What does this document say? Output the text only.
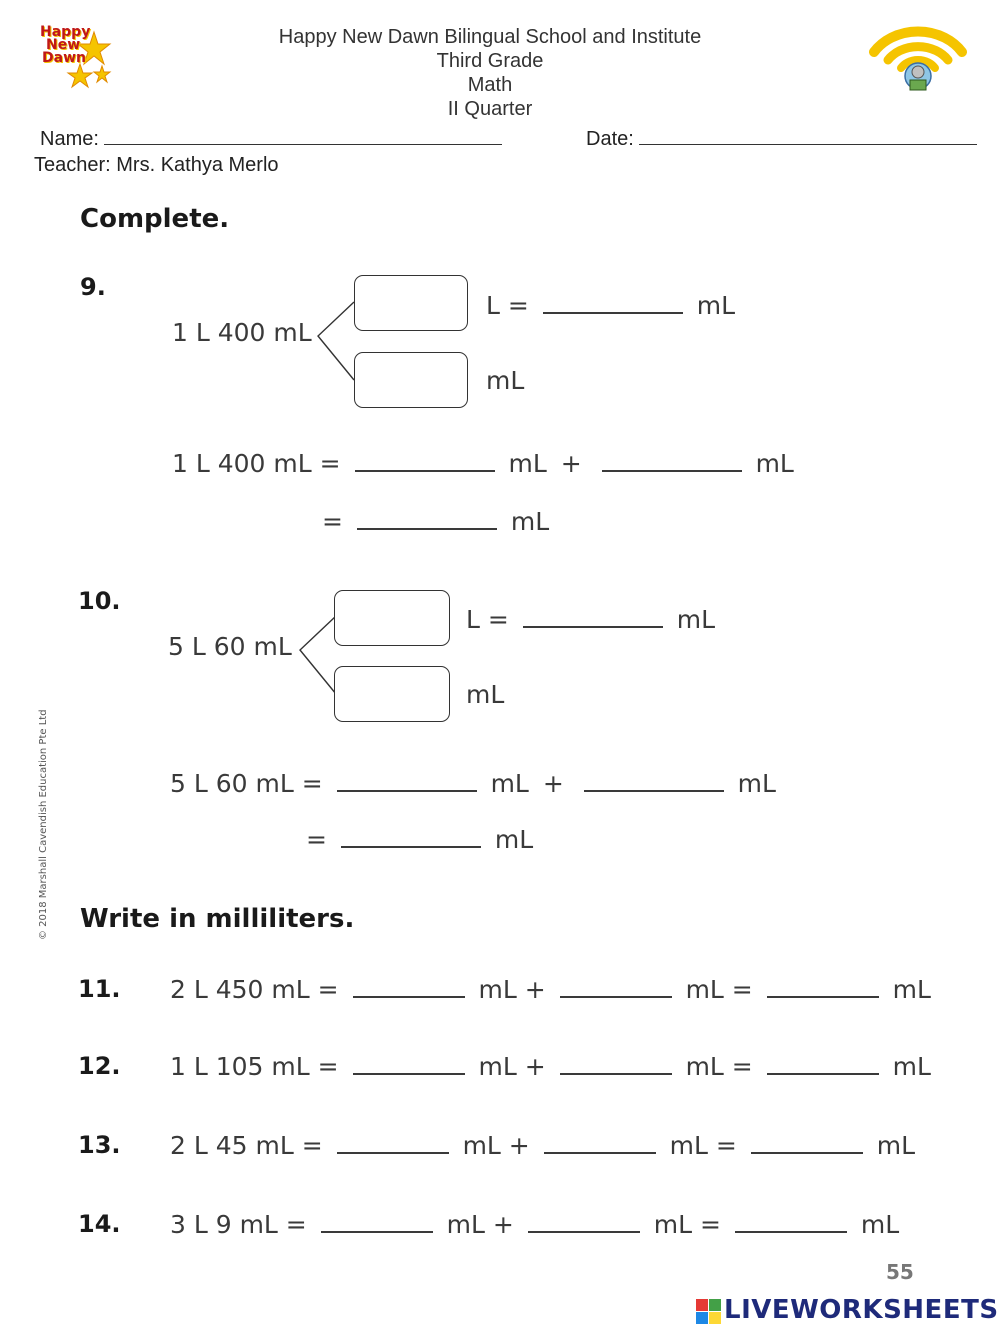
Happy
New
Dawn
Happy New Dawn Bilingual School and Institute
Third Grade
Math
II Quarter
Name:	Date:
Teacher: Mrs. Kathya Merlo
Complete.
9.
1 L 400 mL
L =	mL
mL
1 L 400 mL =	mL +	mL
=	mL
10.
5 L 60 mL
L =	mL
mL
5 L 60 mL =	mL +	mL
=	mL
© 2018 Marshall Cavendish Education Pte Ltd Write in milliliters.
11. 2 L 450 mL =	mL +	mL =	mL
12. 1 L 105 mL =	mL +	mL =	mL
13. 2 L 45 mL =	mL +	mL =	mL
14. 3 L 9 mL =	mL +	mL =	mL
55
LIVEWORKSHEETS
